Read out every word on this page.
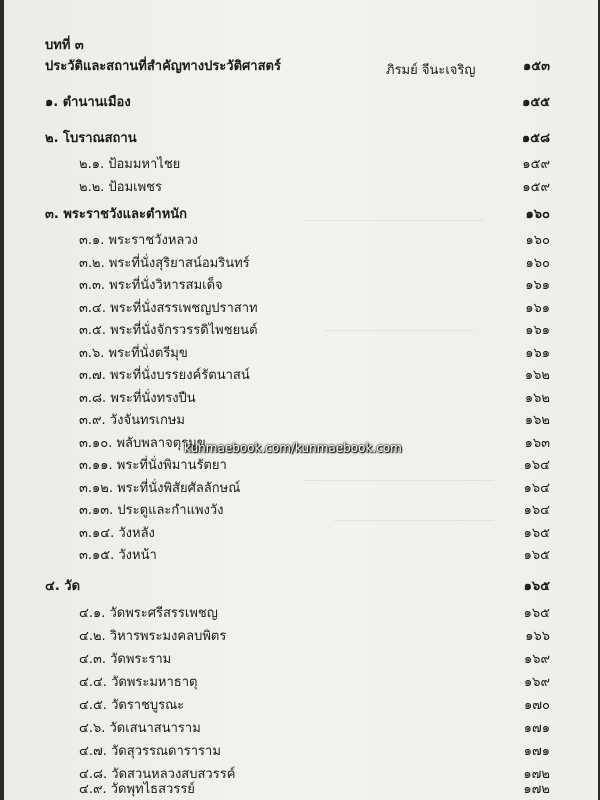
บทที่ ๓
ประวัติและสถานที่สำคัญทางประวัติศาสตร์	ภิรมย์ จีนะเจริญ	๑๕๓
๑. ตำนานเมือง	๑๕๕
๒. โบราณสถาน	๑๕๘
๒.๑. ป้อมมหาไชย	๑๕๙
๒.๒. ป้อมเพชร	๑๕๙
๓. พระราชวังและตำหนัก	๑๖๐
๓.๑. พระราชวังหลวง	๑๖๐
๓.๒. พระที่นั่งสุริยาสน์อมรินทร์	๑๖๐
๓.๓. พระที่นั่งวิหารสมเด็จ	๑๖๑
๓.๔. พระที่นั่งสรรเพชญปราสาท	๑๖๑
๓.๕. พระที่นั่งจักรวรรดิไพชยนต์	๑๖๑
๓.๖. พระที่นั่งตรีมุข	๑๖๑
๓.๗. พระที่นั่งบรรยงค์รัตนาสน์	๑๖๒
๓.๘. พระที่นั่งทรงปืน	๑๖๒
๓.๙. วังจันทรเกษม	๑๖๒
๓.๑๐. พลับพลาจตุรมุข	๑๖๓
๓.๑๑. พระที่นั่งพิมานรัตยา	๑๖๔
๓.๑๒. พระที่นั่งพิสัยศัลลักษณ์	๑๖๔
๓.๑๓. ประตูและกำแพงวัง	๑๖๔
๓.๑๔. วังหลัง	๑๖๕
๓.๑๕. วังหน้า	๑๖๕
๔. วัด	๑๖๕
๔.๑. วัดพระศรีสรรเพชญ	๑๖๕
๔.๒. วิหารพระมงคลบพิตร	๑๖๖
๔.๓. วัดพระราม	๑๖๙
๔.๔. วัดพระมหาธาตุ	๑๖๙
๔.๕. วัดราชบูรณะ	๑๗๐
๔.๖. วัดเสนาสนาราม	๑๗๑
๔.๗. วัดสุวรรณดาราราม	๑๗๑
๔.๘. วัดสวนหลวงสบสวรรค์	๑๗๒
๔.๙. วัดพุทไธสวรรย์	๑๗๒
kunmaebook.com/kunmaebook.com
